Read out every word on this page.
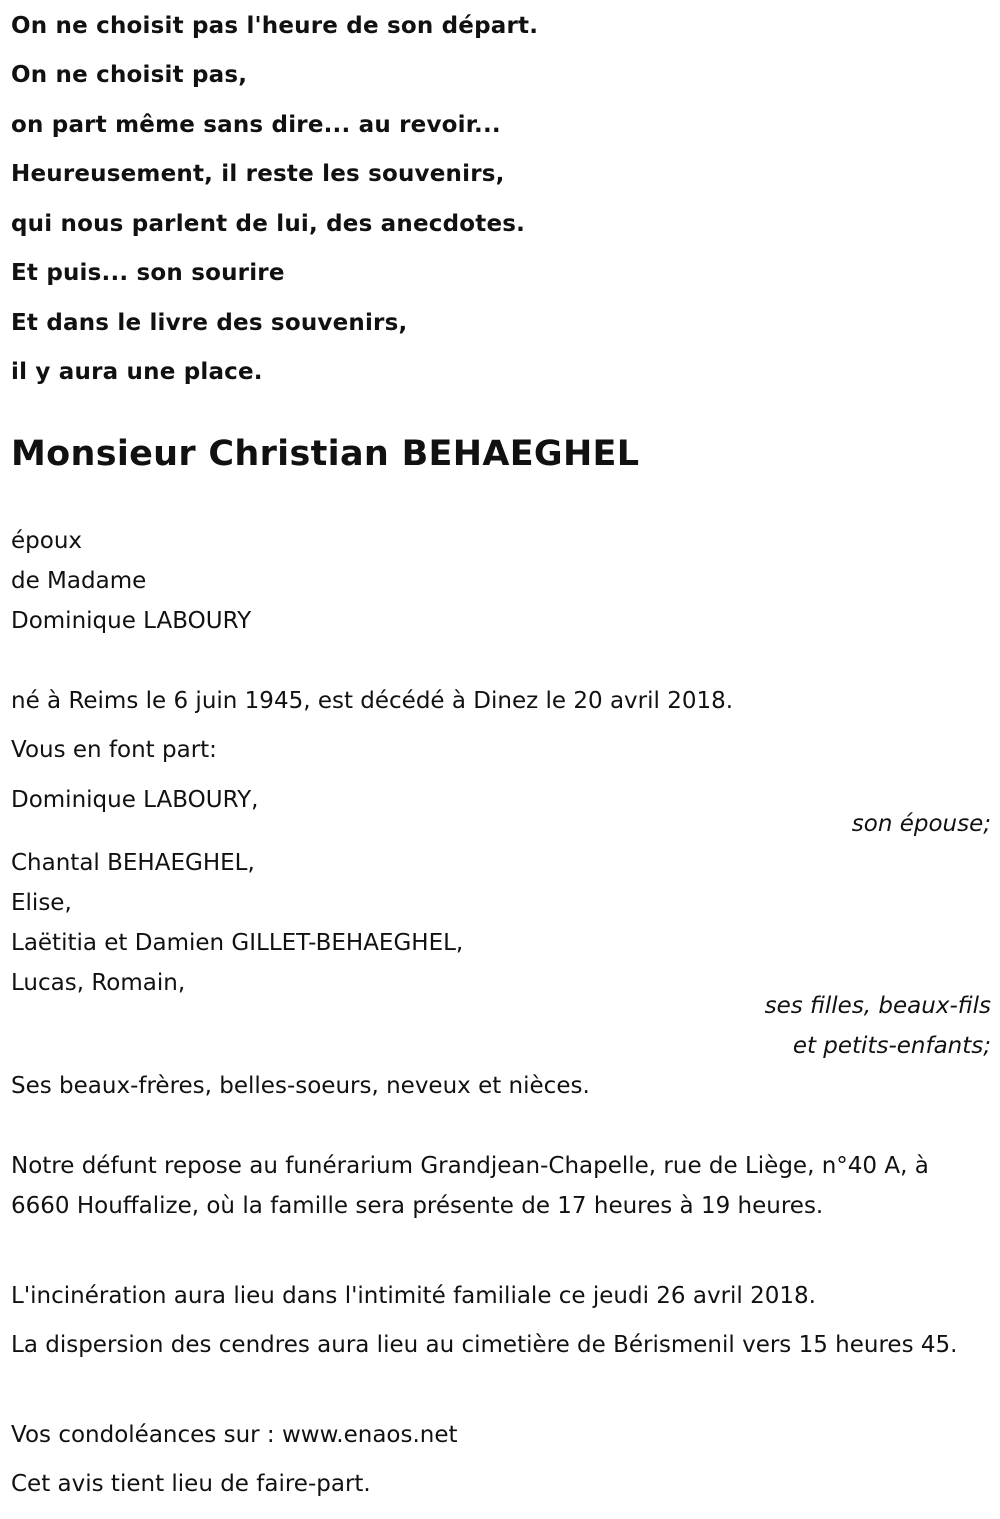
On ne choisit pas l'heure de son départ.
On ne choisit pas,
on part même sans dire... au revoir...
Heureusement, il reste les souvenirs,
qui nous parlent de lui, des anecdotes.
Et puis... son sourire
Et dans le livre des souvenirs,
il y aura une place.
Monsieur Christian BEHAEGHEL
époux
de Madame
Dominique LABOURY
né à Reims le 6 juin 1945, est décédé à Dinez le 20 avril 2018.
Vous en font part:
Dominique LABOURY,
son épouse;
Chantal BEHAEGHEL,
Elise,
Laëtitia et Damien GILLET-BEHAEGHEL,
Lucas, Romain,
ses filles, beaux-fils
et petits-enfants;
Ses beaux-frères, belles-soeurs, neveux et nièces.
Notre défunt repose au funérarium Grandjean-Chapelle, rue de Liège, n°40 A, à 6660 Houffalize, où la famille sera présente de 17 heures à 19 heures.
L'incinération aura lieu dans l'intimité familiale ce jeudi 26 avril 2018.
La dispersion des cendres aura lieu au cimetière de Bérismenil vers 15 heures 45.
Vos condoléances sur : www.enaos.net
Cet avis tient lieu de faire-part.
